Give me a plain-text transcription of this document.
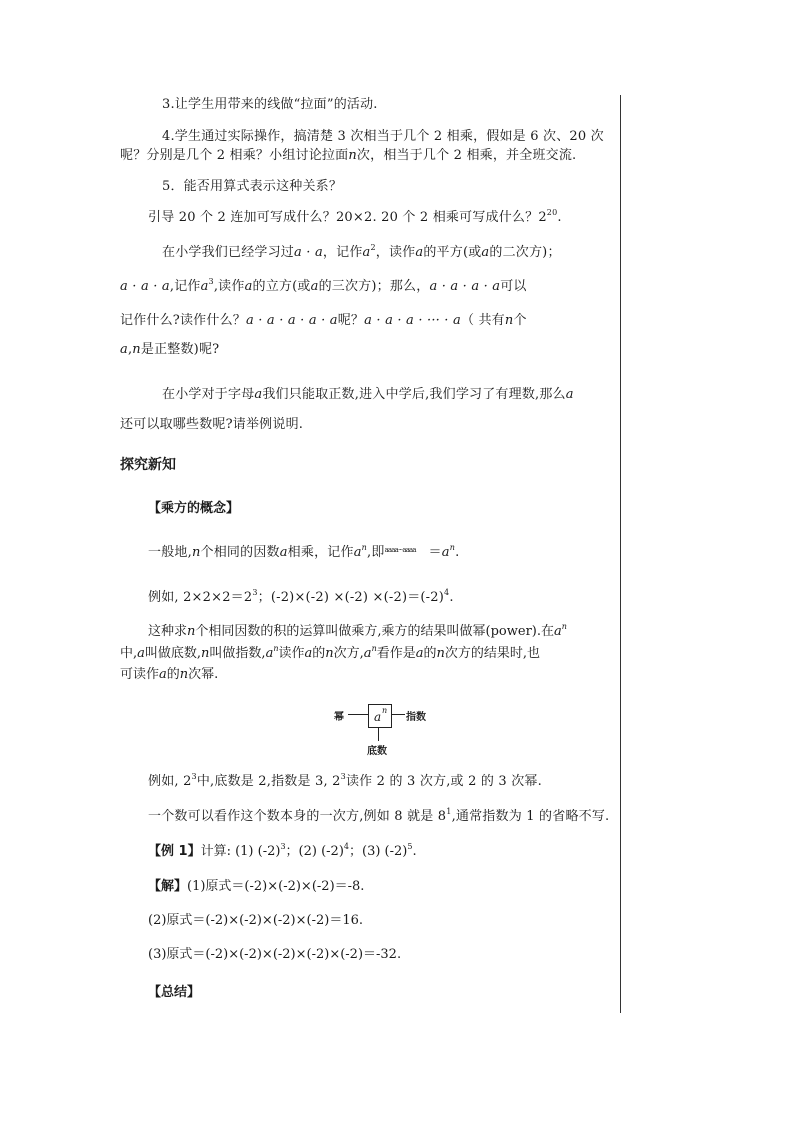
3.让学生用带来的线做“拉面”的活动.
4.学生通过实际操作，搞清楚 3 次相当于几个 2 相乘，假如是 6 次、20 次
呢？分别是几个 2 相乘？小组讨论拉面n次，相当于几个 2 相乘，并全班交流.
5．能否用算式表示这种关系？
引导 20 个 2 连加可写成什么？20×2. 20 个 2 相乘可写成什么？$2^{20}$.
在小学我们已经学习过a · a，记作$a^2$，读作a的平方(或a的二次方)；
a · a · a,记作$a^3$,读作a的立方(或a的三次方)；那么，a · a · a · a可以
记作什么?读作什么？a · a · a · a · a呢？a · a · a · ··· · a（ 共有n个
a,n是正整数)呢?
在小学对于字母a我们只能取正数,进入中学后,我们学习了有理数,那么a
还可以取哪些数呢?请举例说明.
探究新知
【乘方的概念】
一般地,n个相同的因数a相乘，记作$a^n$,即aaaa···aaaa $=a^n$.
例如, $2\times 2\times 2=2^3$；$(-2)\times(-2) \times(-2) \times(-2)=(-2)^4$.
这种求n个相同因数的积的运算叫做乘方,乘方的结果叫做幂(power).在$a^n$
中,a叫做底数,n叫做指数$,a^n$读作a的n次方$,a^n$看作是a的n次方的结果时,也
可读作a的n次幂.
幂	a n
指数
底数
例如, $2^3$中,底数是 2,指数是 3, $2^3$读作 2 的 3 次方,或 2 的 3 次幂.
一个数可以看作这个数本身的一次方,例如 8 就是 $8^1$,通常指数为 1 的省略不写.
【例 1】计算: (1) $(-2)^3$；(2) $(-2)^4$；(3) $(-2)^5$.
【解】(1)原式＝(-2)×(-2)×(-2)＝-8.
(2)原式＝(-2)×(-2)×(-2)×(-2)＝16.
(3)原式＝(-2)×(-2)×(-2)×(-2)×(-2)＝-32.
【总结】
